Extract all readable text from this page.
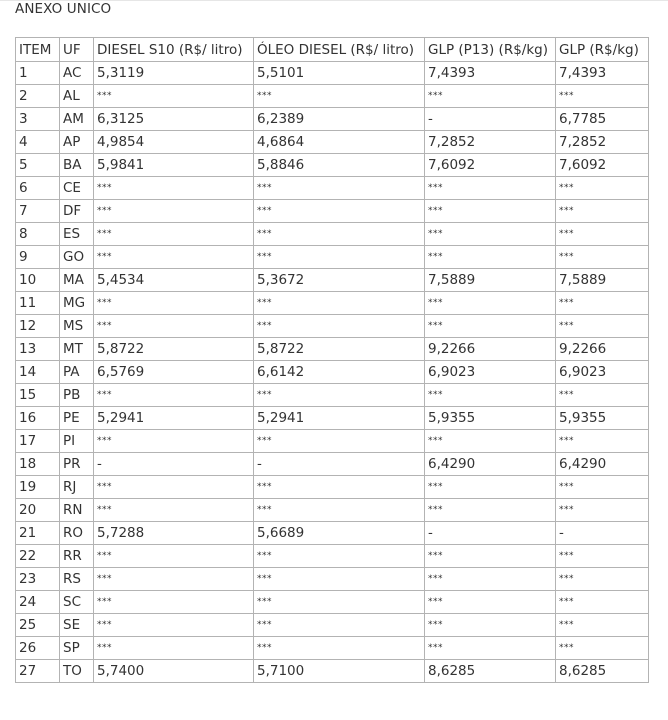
ANEXO UNICO
ITEM	UF	DIESEL S10 (R$/ litro)	ÓLEO DIESEL (R$/ litro)	GLP (P13) (R$/kg)	GLP (R$/kg)
1	AC	5,3119	5,5101	7,4393	7,4393
2	AL	***	***	***	***
3	AM	6,3125	6,2389	-	6,7785
4	AP	4,9854	4,6864	7,2852	7,2852
5	BA	5,9841	5,8846	7,6092	7,6092
6	CE	***	***	***	***
7	DF	***	***	***	***
8	ES	***	***	***	***
9	GO	***	***	***	***
10	MA	5,4534	5,3672	7,5889	7,5889
11	MG	***	***	***	***
12	MS	***	***	***	***
13	MT	5,8722	5,8722	9,2266	9,2266
14	PA	6,5769	6,6142	6,9023	6,9023
15	PB	***	***	***	***
16	PE	5,2941	5,2941	5,9355	5,9355
17	PI	***	***	***	***
18	PR	-	-	6,4290	6,4290
19	RJ	***	***	***	***
20	RN	***	***	***	***
21	RO	5,7288	5,6689	-	-
22	RR	***	***	***	***
23	RS	***	***	***	***
24	SC	***	***	***	***
25	SE	***	***	***	***
26	SP	***	***	***	***
27	TO	5,7400	5,7100	8,6285	8,6285
